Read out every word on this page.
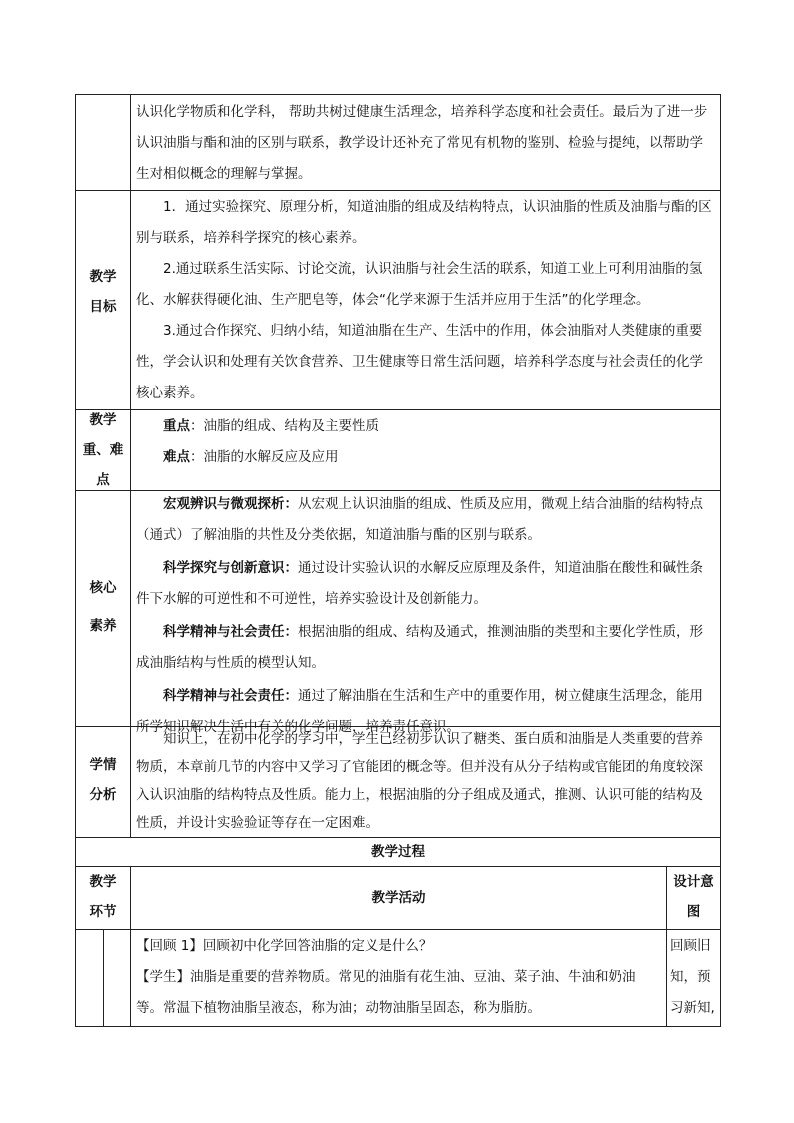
认识化学物质和化学科， 帮助共树过健康生活理念，培养科学态度和社会责任。最后为了进一步认识油脂与酯和油的区别与联系，教学设计还补充了常见有机物的鉴别、检验与提纯，以帮助学生对相似概念的理解与掌握。

教学
目标

1．通过实验探究、原理分析，知道油脂的组成及结构特点，认识油脂的性质及油脂与酯的区别与联系，培养科学探究的核心素养。

2.通过联系生活实际、讨论交流，认识油脂与社会生活的联系，知道工业上可利用油脂的氢化、水解获得硬化油、生产肥皂等，体会“化学来源于生活并应用于生活”的化学理念。

3.通过合作探究、归纳小结，知道油脂在生产、生活中的作用，体会油脂对人类健康的重要性，学会认识和处理有关饮食营养、卫生健康等日常生活问题，培养科学态度与社会责任的化学核心素养。

教学
重、难
点

重点：油脂的组成、结构及主要性质

难点：油脂的水解反应及应用

核心
素养

宏观辨识与微观探析：从宏观上认识油脂的组成、性质及应用，微观上结合油脂的结构特点（通式）了解油脂的共性及分类依据，知道油脂与酯的区别与联系。

科学探究与创新意识：通过设计实验认识的水解反应原理及条件，知道油脂在酸性和碱性条件下水解的可逆性和不可逆性，培养实验设计及创新能力。

科学精神与社会责任：根据油脂的组成、结构及通式，推测油脂的类型和主要化学性质，形成油脂结构与性质的模型认知。

科学精神与社会责任：通过了解油脂在生活和生产中的重要作用，树立健康生活理念，能用所学知识解决生活中有关的化学问题，培养责任意识。

学情
分析

知识上，在初中化学的学习中，学生已经初步认识了糖类、蛋白质和油脂是人类重要的营养物质，本章前几节的内容中又学习了官能团的概念等。但并没有从分子结构或官能团的角度较深入认识油脂的结构特点及性质。能力上，根据油脂的分子组成及通式，推测、认识可能的结构及性质，并设计实验验证等存在一定困难。

教学过程
教学
环节
教学活动
设计意
图

【回顾 1】回顾初中化学回答油脂的定义是什么？

【学生】油脂是重要的营养物质。常见的油脂有花生油、豆油、菜子油、牛油和奶油等。常温下植物油脂呈液态，称为油；动物油脂呈固态，称为脂肪。

回顾旧
知，预
习新知,
